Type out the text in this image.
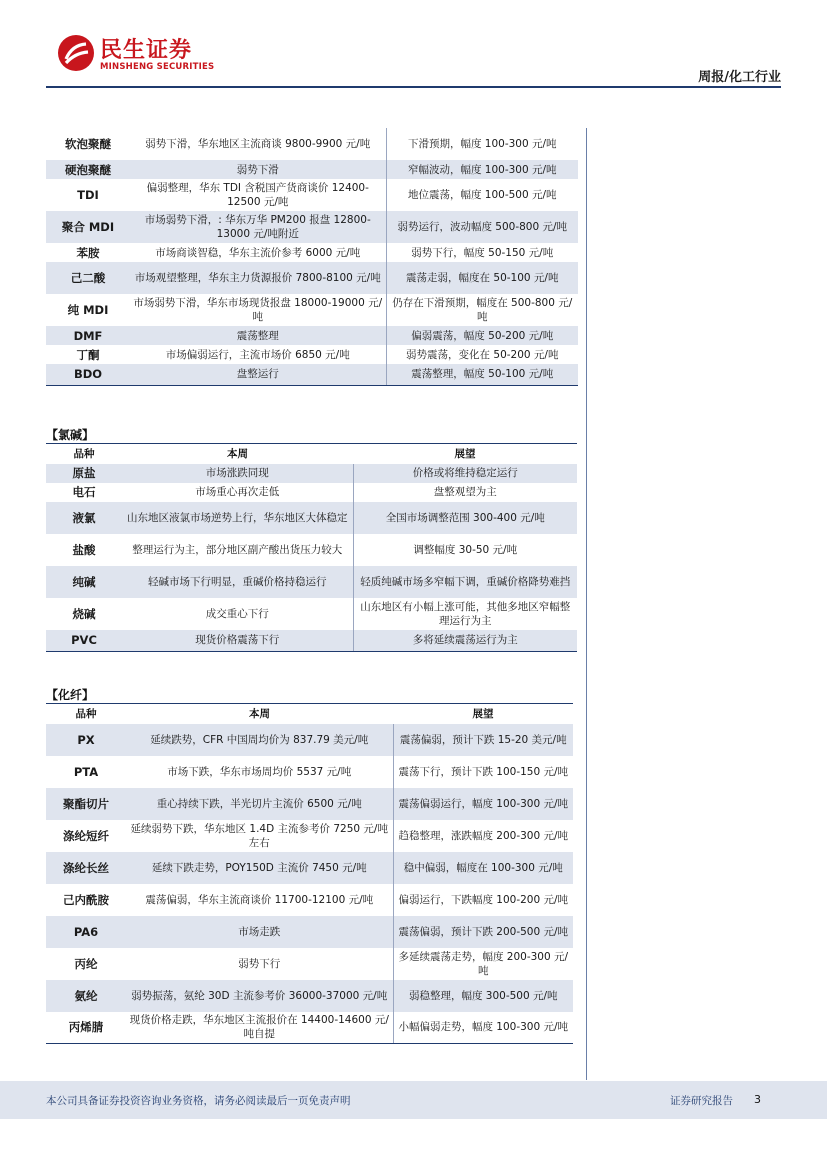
民生证券
MINSHENG SECURITIES
周报/化工行业
软泡聚醚	弱势下滑，华东地区主流商谈 9800-9900 元/吨	下滑预期，幅度 100-300 元/吨
硬泡聚醚	弱势下滑	窄幅波动，幅度 100-300 元/吨
TDI	偏弱整理，华东 TDI 含税国产货商谈价 12400-12500 元/吨	地位震荡，幅度 100-500 元/吨
聚合 MDI	市场弱势下滑，: 华东万华 PM200 报盘 12800-13000 元/吨附近	弱势运行，波动幅度 500-800 元/吨
苯胺	市场商谈智稳，华东主流价参考 6000 元/吨	弱势下行，幅度 50-150 元/吨
己二酸	市场观望整理，华东主力货源报价 7800-8100 元/吨	震荡走弱，幅度在 50-100 元/吨
纯 MDI	市场弱势下滑，华东市场现货报盘 18000-19000 元/吨	仍存在下滑预期，幅度在 500-800 元/吨
DMF	震荡整理	偏弱震荡，幅度 50-200 元/吨
丁酮	市场偏弱运行，主流市场价 6850 元/吨	弱势震荡，变化在 50-200 元/吨
BDO	盘整运行	震荡整理，幅度 50-100 元/吨
【氯碱】
品种	本周	展望
原盐	市场涨跌同现	价格或将维持稳定运行
电石	市场重心再次走低	盘整观望为主
液氯	山东地区液氯市场逆势上行，华东地区大体稳定	全国市场调整范围 300-400 元/吨
盐酸	整理运行为主，部分地区副产酸出货压力较大	调整幅度 30-50 元/吨
纯碱	轻碱市场下行明显，重碱价格持稳运行	轻质纯碱市场多窄幅下调，重碱价格降势难挡
烧碱	成交重心下行	山东地区有小幅上涨可能，其他多地区窄幅整理运行为主
PVC	现货价格震荡下行	多将延续震荡运行为主
【化纤】
品种	本周	展望
PX	延续跌势，CFR 中国周均价为 837.79 美元/吨	震荡偏弱，预计下跌 15-20 美元/吨
PTA	市场下跌，华东市场周均价 5537 元/吨	震荡下行，预计下跌 100-150 元/吨
聚酯切片	重心持续下跌，半光切片主流价 6500 元/吨	震荡偏弱运行，幅度 100-300 元/吨
涤纶短纤	延续弱势下跌，华东地区 1.4D 主流参考价 7250 元/吨左右	趋稳整理，涨跌幅度 200-300 元/吨
涤纶长丝	延续下跌走势，POY150D 主流价 7450 元/吨	稳中偏弱，幅度在 100-300 元/吨
己内酰胺	震荡偏弱，华东主流商谈价 11700-12100 元/吨	偏弱运行，下跌幅度 100-200 元/吨
PA6	市场走跌	震荡偏弱，预计下跌 200-500 元/吨
丙纶	弱势下行	多延续震荡走势，幅度 200-300 元/吨
氨纶	弱势振荡，氨纶 30D 主流参考价 36000-37000 元/吨	弱稳整理，幅度 300-500 元/吨
丙烯腈	现货价格走跌，华东地区主流报价在 14400-14600 元/吨自提	小幅偏弱走势，幅度 100-300 元/吨
本公司具备证券投资咨询业务资格，请务必阅读最后一页免责声明	证券研究报告 3
